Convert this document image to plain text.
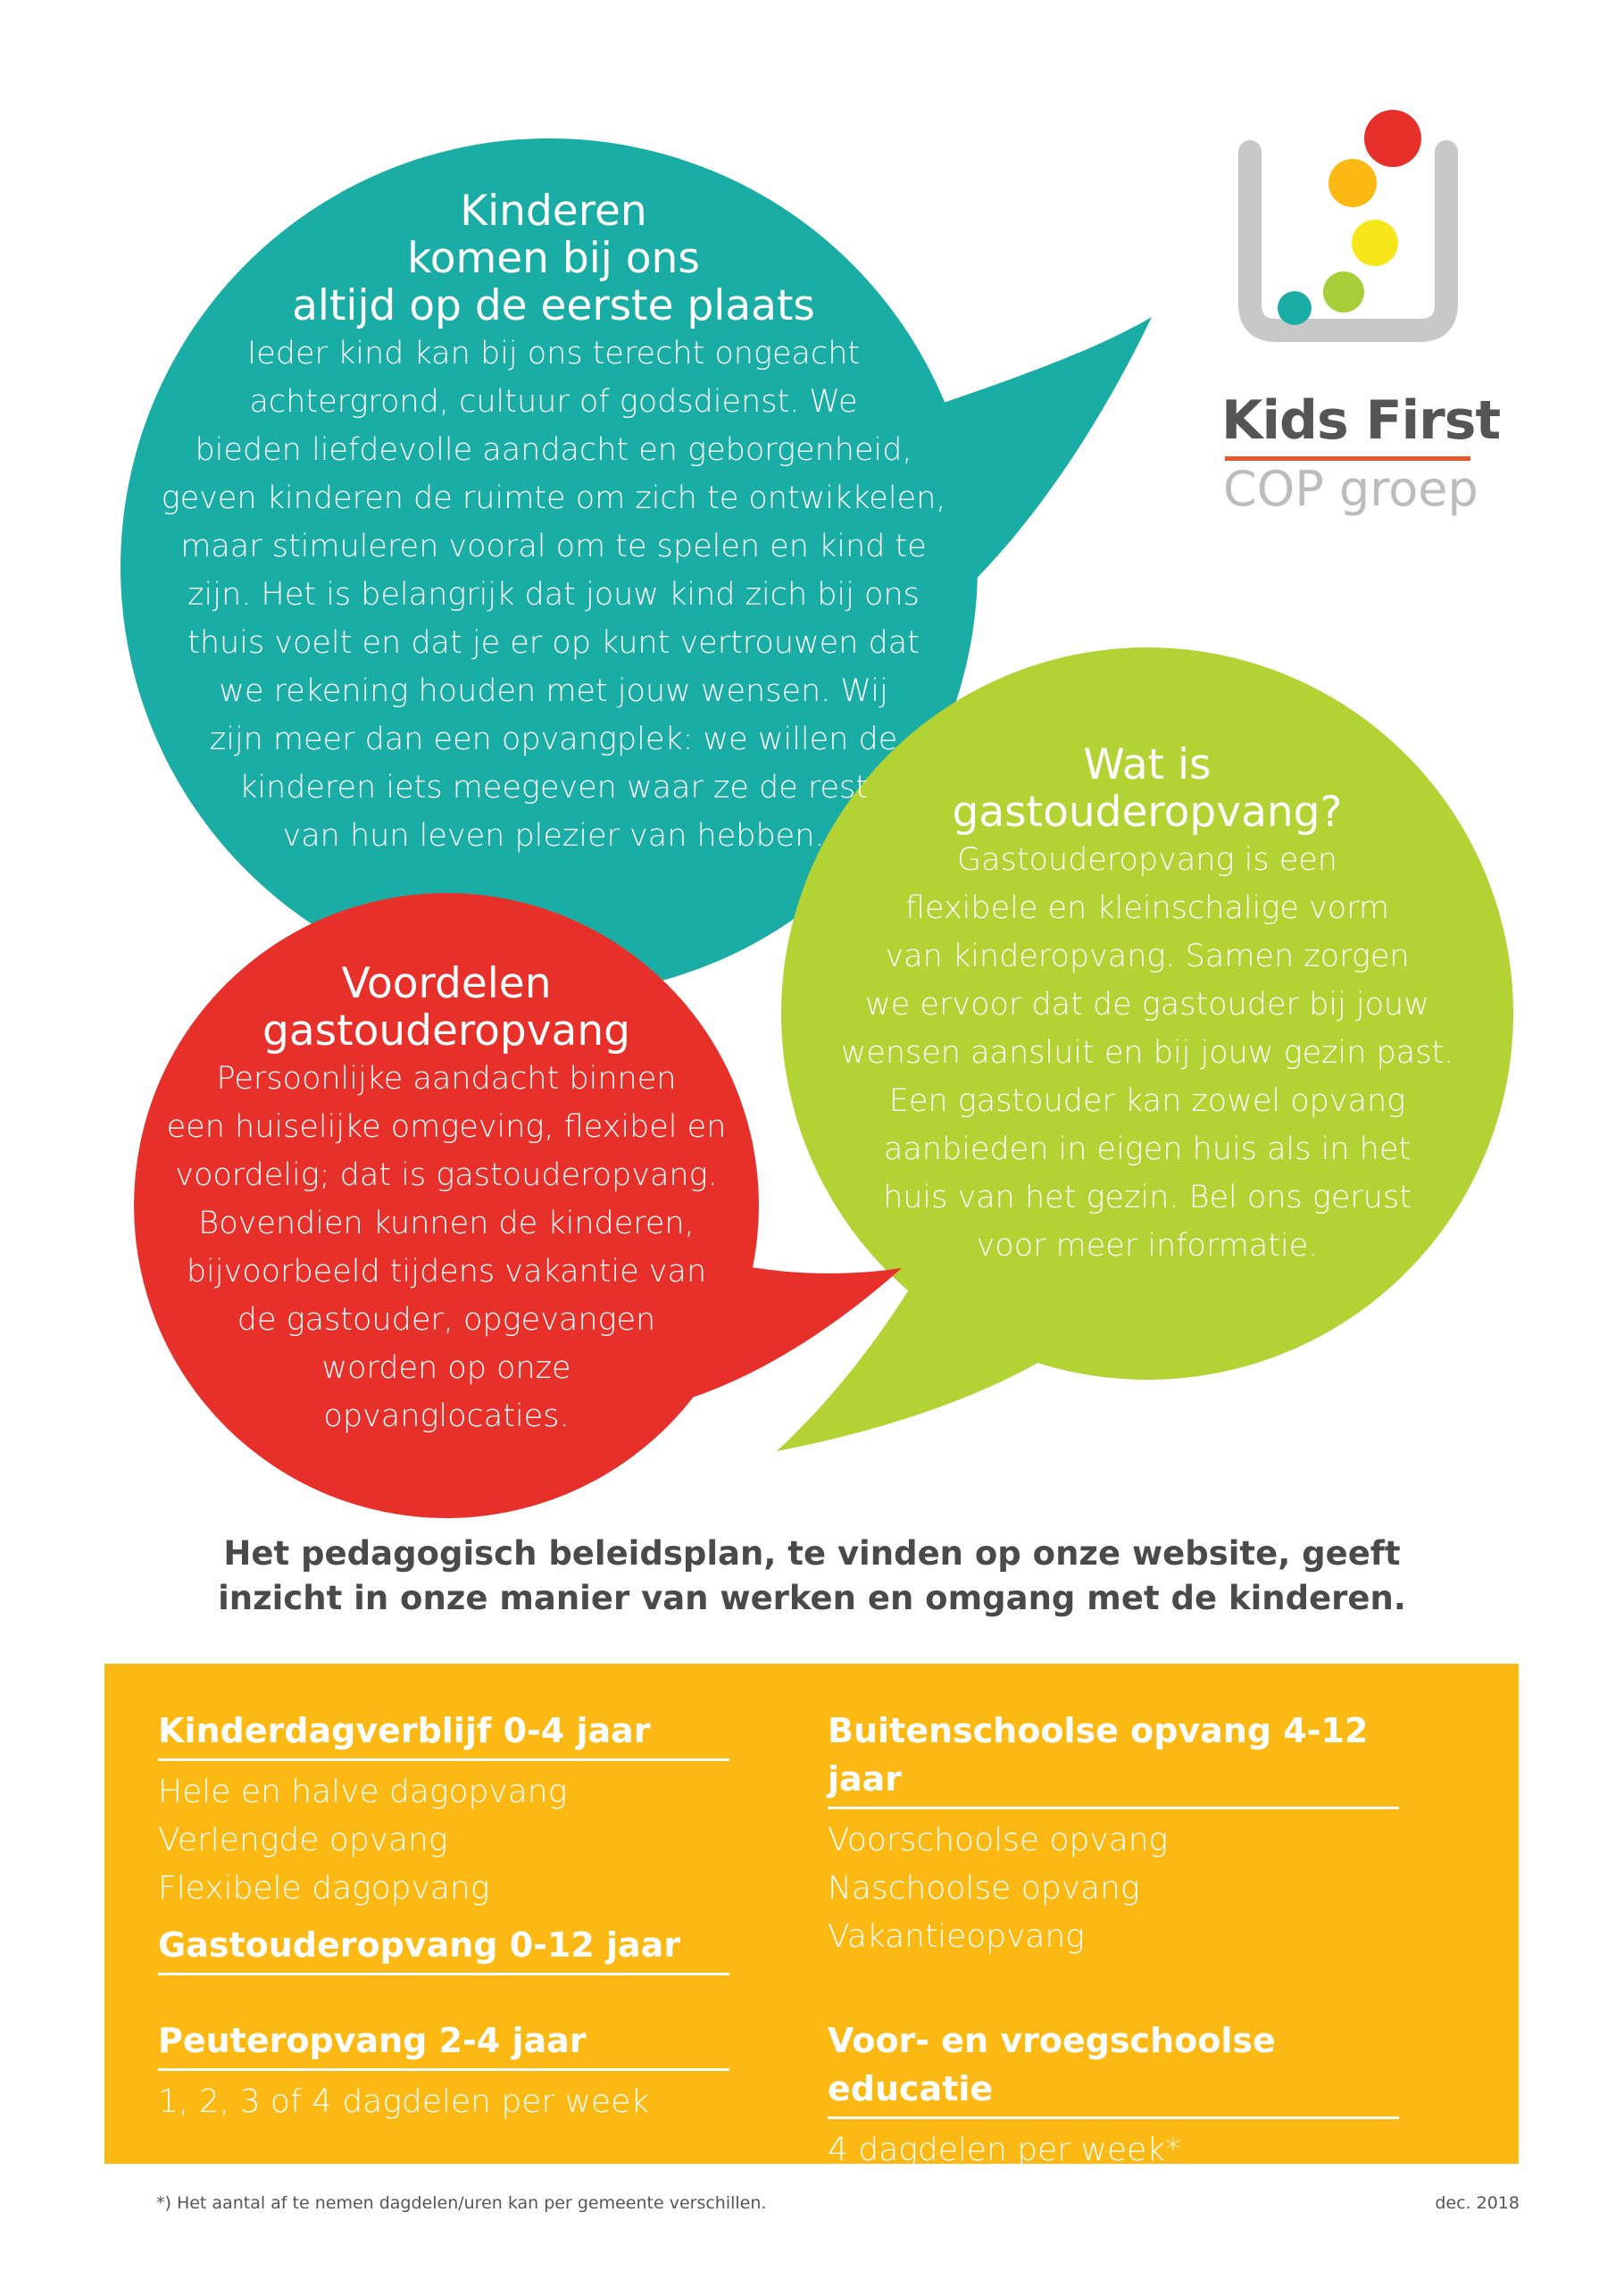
Kinderen
komen bij ons
altijd op de eerste plaats
Ieder kind kan bij ons terecht ongeacht
achtergrond, cultuur of godsdienst. We
bieden liefdevolle aandacht en geborgenheid,
geven kinderen de ruimte om zich te ontwikkelen,
maar stimuleren vooral om te spelen en kind te
zijn. Het is belangrijk dat jouw kind zich bij ons
thuis voelt en dat je er op kunt vertrouwen dat
we rekening houden met jouw wensen. Wij
zijn meer dan een opvangplek: we willen de
kinderen iets meegeven waar ze de rest
van hun leven plezier van hebben.
Wat is
gastouderopvang?
Gastouderopvang is een
flexibele en kleinschalige vorm
van kinderopvang. Samen zorgen
we ervoor dat de gastouder bij jouw
wensen aansluit en bij jouw gezin past.
Een gastouder kan zowel opvang
aanbieden in eigen huis als in het
huis van het gezin. Bel ons gerust
voor meer informatie.
Voordelen
gastouderopvang
Persoonlijke aandacht binnen
een huiselijke omgeving, flexibel en
voordelig; dat is gastouderopvang.
Bovendien kunnen de kinderen,
bijvoorbeeld tijdens vakantie van
de gastouder, opgevangen
worden op onze
opvanglocaties.
Kids First
COP groep
Het pedagogisch beleidsplan, te vinden op onze website, geeft
inzicht in onze manier van werken en omgang met de kinderen.
Kinderdagverblijf 0-4 jaar
Hele en halve dagopvang
Verlengde opvang
Flexibele dagopvang
Gastouderopvang 0-12 jaar
Peuteropvang 2-4 jaar
1, 2, 3 of 4 dagdelen per week
Buitenschoolse opvang 4-12 jaar
Voorschoolse opvang
Naschoolse opvang
Vakantieopvang
Voor- en vroegschoolse educatie
4 dagdelen per week*
*) Het aantal af te nemen dagdelen/uren kan per gemeente verschillen.	dec. 2018
